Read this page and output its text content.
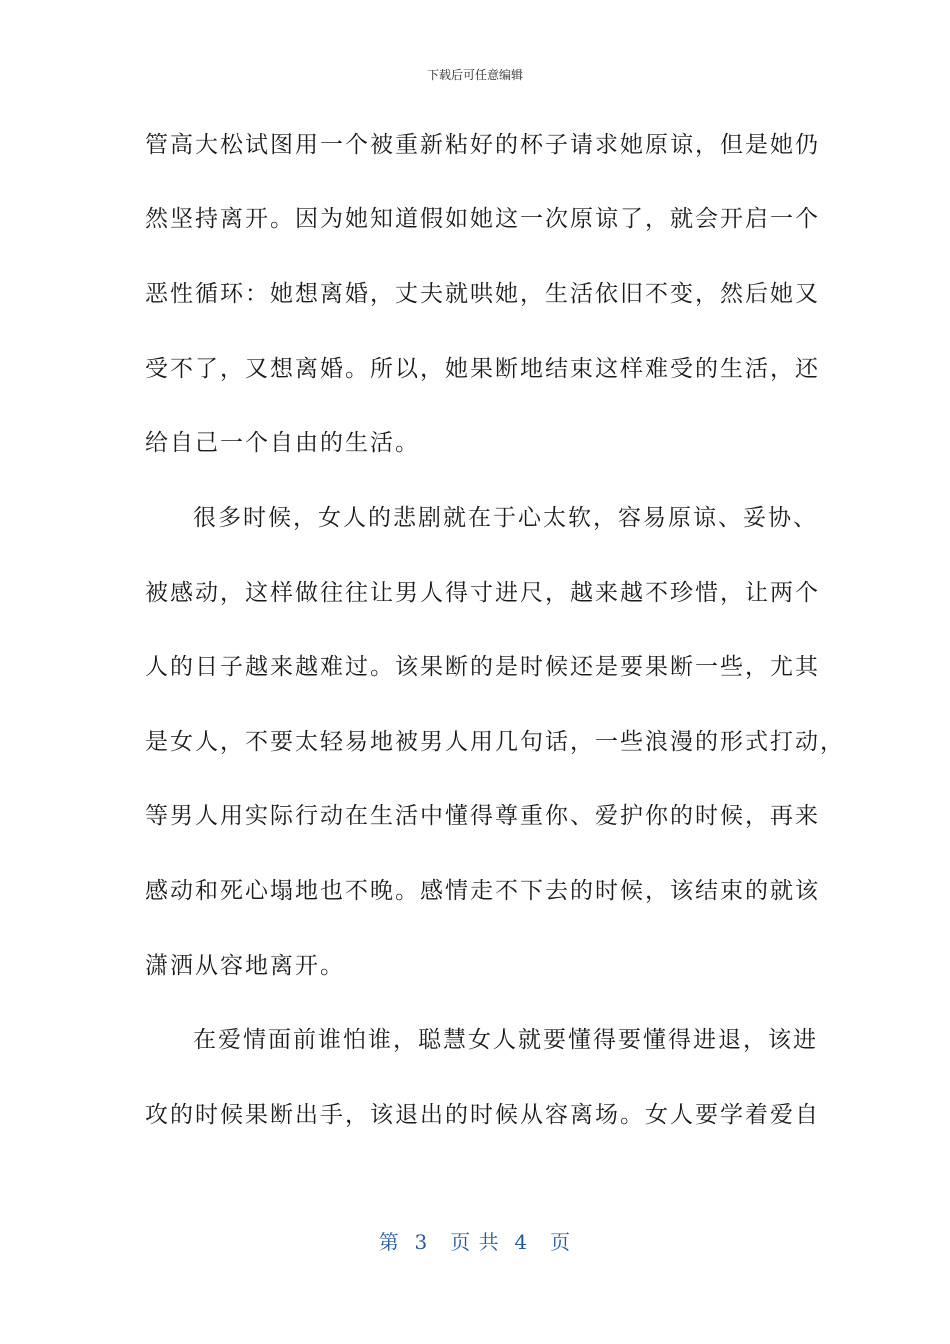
下载后可任意编辑
管高大松试图用一个被重新粘好的杯子请求她原谅，但是她仍
然坚持离开。因为她知道假如她这一次原谅了，就会开启一个
恶性循环：她想离婚，丈夫就哄她，生活依旧不变，然后她又
受不了，又想离婚。所以，她果断地结束这样难受的生活，还
给自己一个自由的生活。
很多时候，女人的悲剧就在于心太软，容易原谅、妥协、
被感动，这样做往往让男人得寸进尺，越来越不珍惜，让两个
人的日子越来越难过。该果断的是时候还是要果断一些，尤其
是女人，不要太轻易地被男人用几句话，一些浪漫的形式打动，
等男人用实际行动在生活中懂得尊重你、爱护你的时候，再来
感动和死心塌地也不晚。感情走不下去的时候，该结束的就该
潇洒从容地离开。
在爱情面前谁怕谁，聪慧女人就要懂得要懂得进退，该进
攻的时候果断出手，该退出的时候从容离场。女人要学着爱自
第  3   页 共  4   页
